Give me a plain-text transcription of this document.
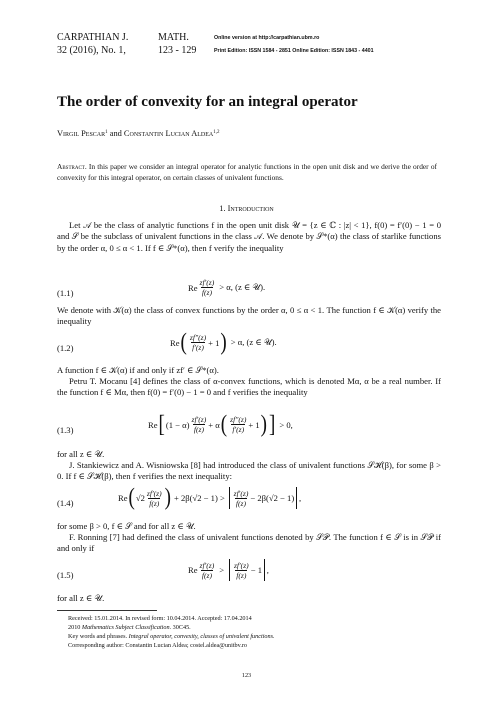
CARPATHIAN J.
32 (2016), No. 1,
MATH.
123 - 129
Online version at http://carpathian.ubm.ro
Print Edition: ISSN 1584 - 2851 Online Edition: ISSN 1843 - 4401
The order of convexity for an integral operator
Virgil Pescar$^1$ and Constantin Lucian Aldea$^{1,2}$
Abstract. In this paper we consider an integral operator for analytic functions in the open unit disk and we derive the order of convexity for this integral operator, on certain classes of univalent functions.
1. Introduction
Let 𝒜 be the class of analytic functions f in the open unit disk 𝒰 = {z ∈ ℂ : |z| < 1}, f(0) = f′(0) − 1 = 0 and 𝒮 be the subclass of univalent functions in the class 𝒜. We denote by 𝒮*(α) the class of starlike functions by the order α, 0 ≤ α < 1. If f ∈ 𝒮*(α), then f verify the inequality
(1.1)
Re $\frac{zf'(z)}{f(z)} > \alpha$, (z ∈ 𝒰).
We denote with 𝒦(α) the class of convex functions by the order α, 0 ≤ α < 1. The function f ∈ 𝒦(α) verify the inequality
(1.2)
Re ( $\frac{zf''(z)}{f'(z)} + 1$ ) > α, (z ∈ 𝒰).
A function f ∈ 𝒦(α) if and only if zf′ ∈ 𝒮*(α).
Petru T. Mocanu [4] defines the class of α-convex functions, which is denoted Mα, α be a real number. If the function f ∈ Mα, then f(0) = f′(0) − 1 = 0 and f verifies the inequality
(1.3)
Re [ $(1 - \alpha) \frac{zf'(z)}{f(z)} + \alpha$ ( $\frac{zf''(z)}{f'(z)} + 1$ ) ] > 0,
for all z ∈ 𝒰.
J. Stankiewicz and A. Wisniowska [8] had introduced the class of univalent functions 𝒮ℋ(β), for some β > 0. If f ∈ 𝒮ℋ(β), then f verifies the next inequality:
(1.4)	Re ( $√2 \frac{zf'(z)}{f(z)}$ ) + $2\beta(√2 - 1) > \frac{zf'(z)}{f(z)} - 2\beta(√2 - 1)$ ,
for some β > 0, f ∈ 𝒮 and for all z ∈ 𝒰.
F. Ronning [7] had defined the class of univalent functions denoted by 𝒮𝒫. The function f ∈ 𝒮 is in 𝒮𝒫 if and only if
(1.5)	Re $\frac{zf'(z)}{f(z)} > \frac{zf'(z)}{f(z)} - 1$ ,
for all z ∈ 𝒰.
Received: 15.01.2014. In revised form: 10.04.2014. Accepted: 17.04.2014
2010 Mathematics Subject Classification. 30C45.
Key words and phrases. Integral operator, convexity, classes of univalent functions.
Corresponding author: Constantin Lucian Aldea; costel.aldea@unitbv.ro
123
